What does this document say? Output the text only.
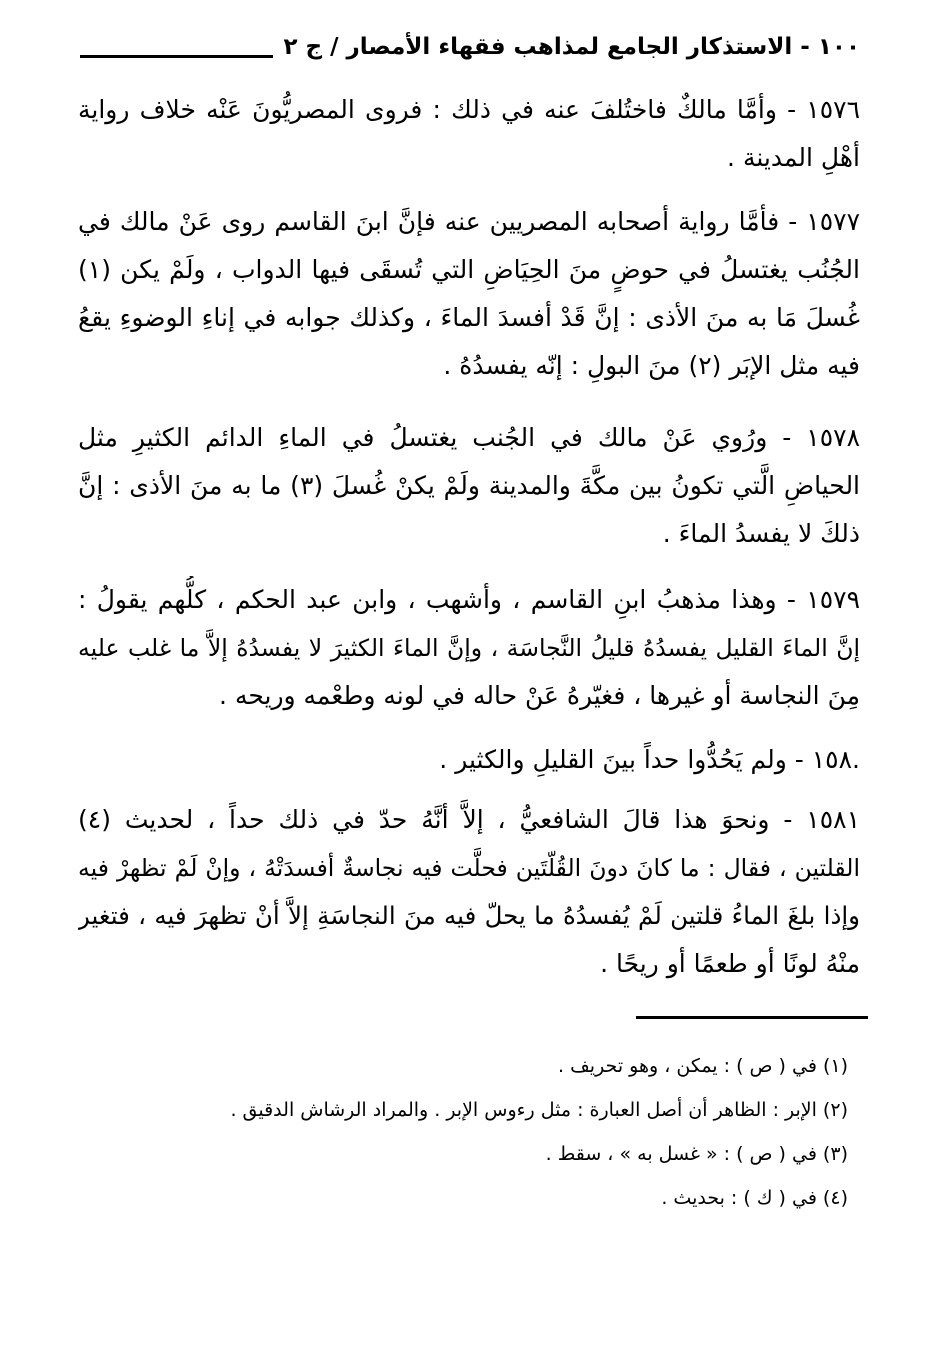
١٠٠ - الاستذكار الجامع لمذاهب فقهاء الأمصار / ج ٢
١٥٧٦ - وأمَّا مالكٌ فاختُلفَ عنه في ذلك : فروى المصريُّونَ عَنْه خلاف رواية
أهْلِ المدينة .
١٥٧٧ - فأمَّا رواية أصحابه المصريين عنه فإنَّ ابنَ القاسم روى عَنْ مالك في
الجُنُب يغتسلُ في حوضٍ منَ الحِيَاضِ التي تُسقَى فيها الدواب ، ولَمْ يكن (١)
غُسلَ مَا به منَ الأذى : إنَّ قَدْ أفسدَ الماءَ ، وكذلك جوابه في إناءِ الوضوءِ يقعُ
فيه مثل الإبَر (٢) منَ البولِ : إنّه يفسدُهُ .
١٥٧٨ - ورُوي عَنْ مالك في الجُنب يغتسلُ في الماءِ الدائم الكثيرِ مثل
الحياضِ الَّتي تكونُ بين مكَّةَ والمدينة ولَمْ يكنْ غُسلَ (٣) ما به منَ الأذى : إنَّ
ذلكَ لا يفسدُ الماءَ .
١٥٧٩ - وهذا مذهبُ ابنِ القاسم ، وأشهب ، وابن عبد الحكم ، كلُّهم يقولُ :
إنَّ الماءَ القليل يفسدُهُ قليلُ النَّجاسَة ، وإنَّ الماءَ الكثيرَ لا يفسدُهُ إلاَّ ما غلب عليه
مِنَ النجاسة أو غيرها ، فغيّرهُ عَنْ حاله في لونه وطعْمه وريحه .
.١٥٨ - ولم يَحُدُّوا حداً بينَ القليلِ والكثير .
١٥٨١ - ونحوَ هذا قالَ الشافعيُّ ، إلاَّ أنَّهُ حدّ في ذلك حداً ، لحديث (٤)
القلتين ، فقال : ما كانَ دونَ القُلّتَين فحلَّت فيه نجاسةٌ أفسدَتْهُ ، وإنْ لَمْ تظهرْ فيه
وإذا بلغَ الماءُ قلتين لَمْ يُفسدُهُ ما يحلّ فيه منَ النجاسَةِ إلاَّ أنْ تظهرَ فيه ، فتغير
منْهُ لونًا أو طعمًا أو ريحًا .
(١) في ( ص ) : يمكن ، وهو تحريف .
(٢) الإبر : الظاهر أن أصل العبارة : مثل رءوس الإبر . والمراد الرشاش الدقيق .
(٣) في ( ص ) : « غسل به » ، سقط .
(٤) في ( ك ) : بحديث .
